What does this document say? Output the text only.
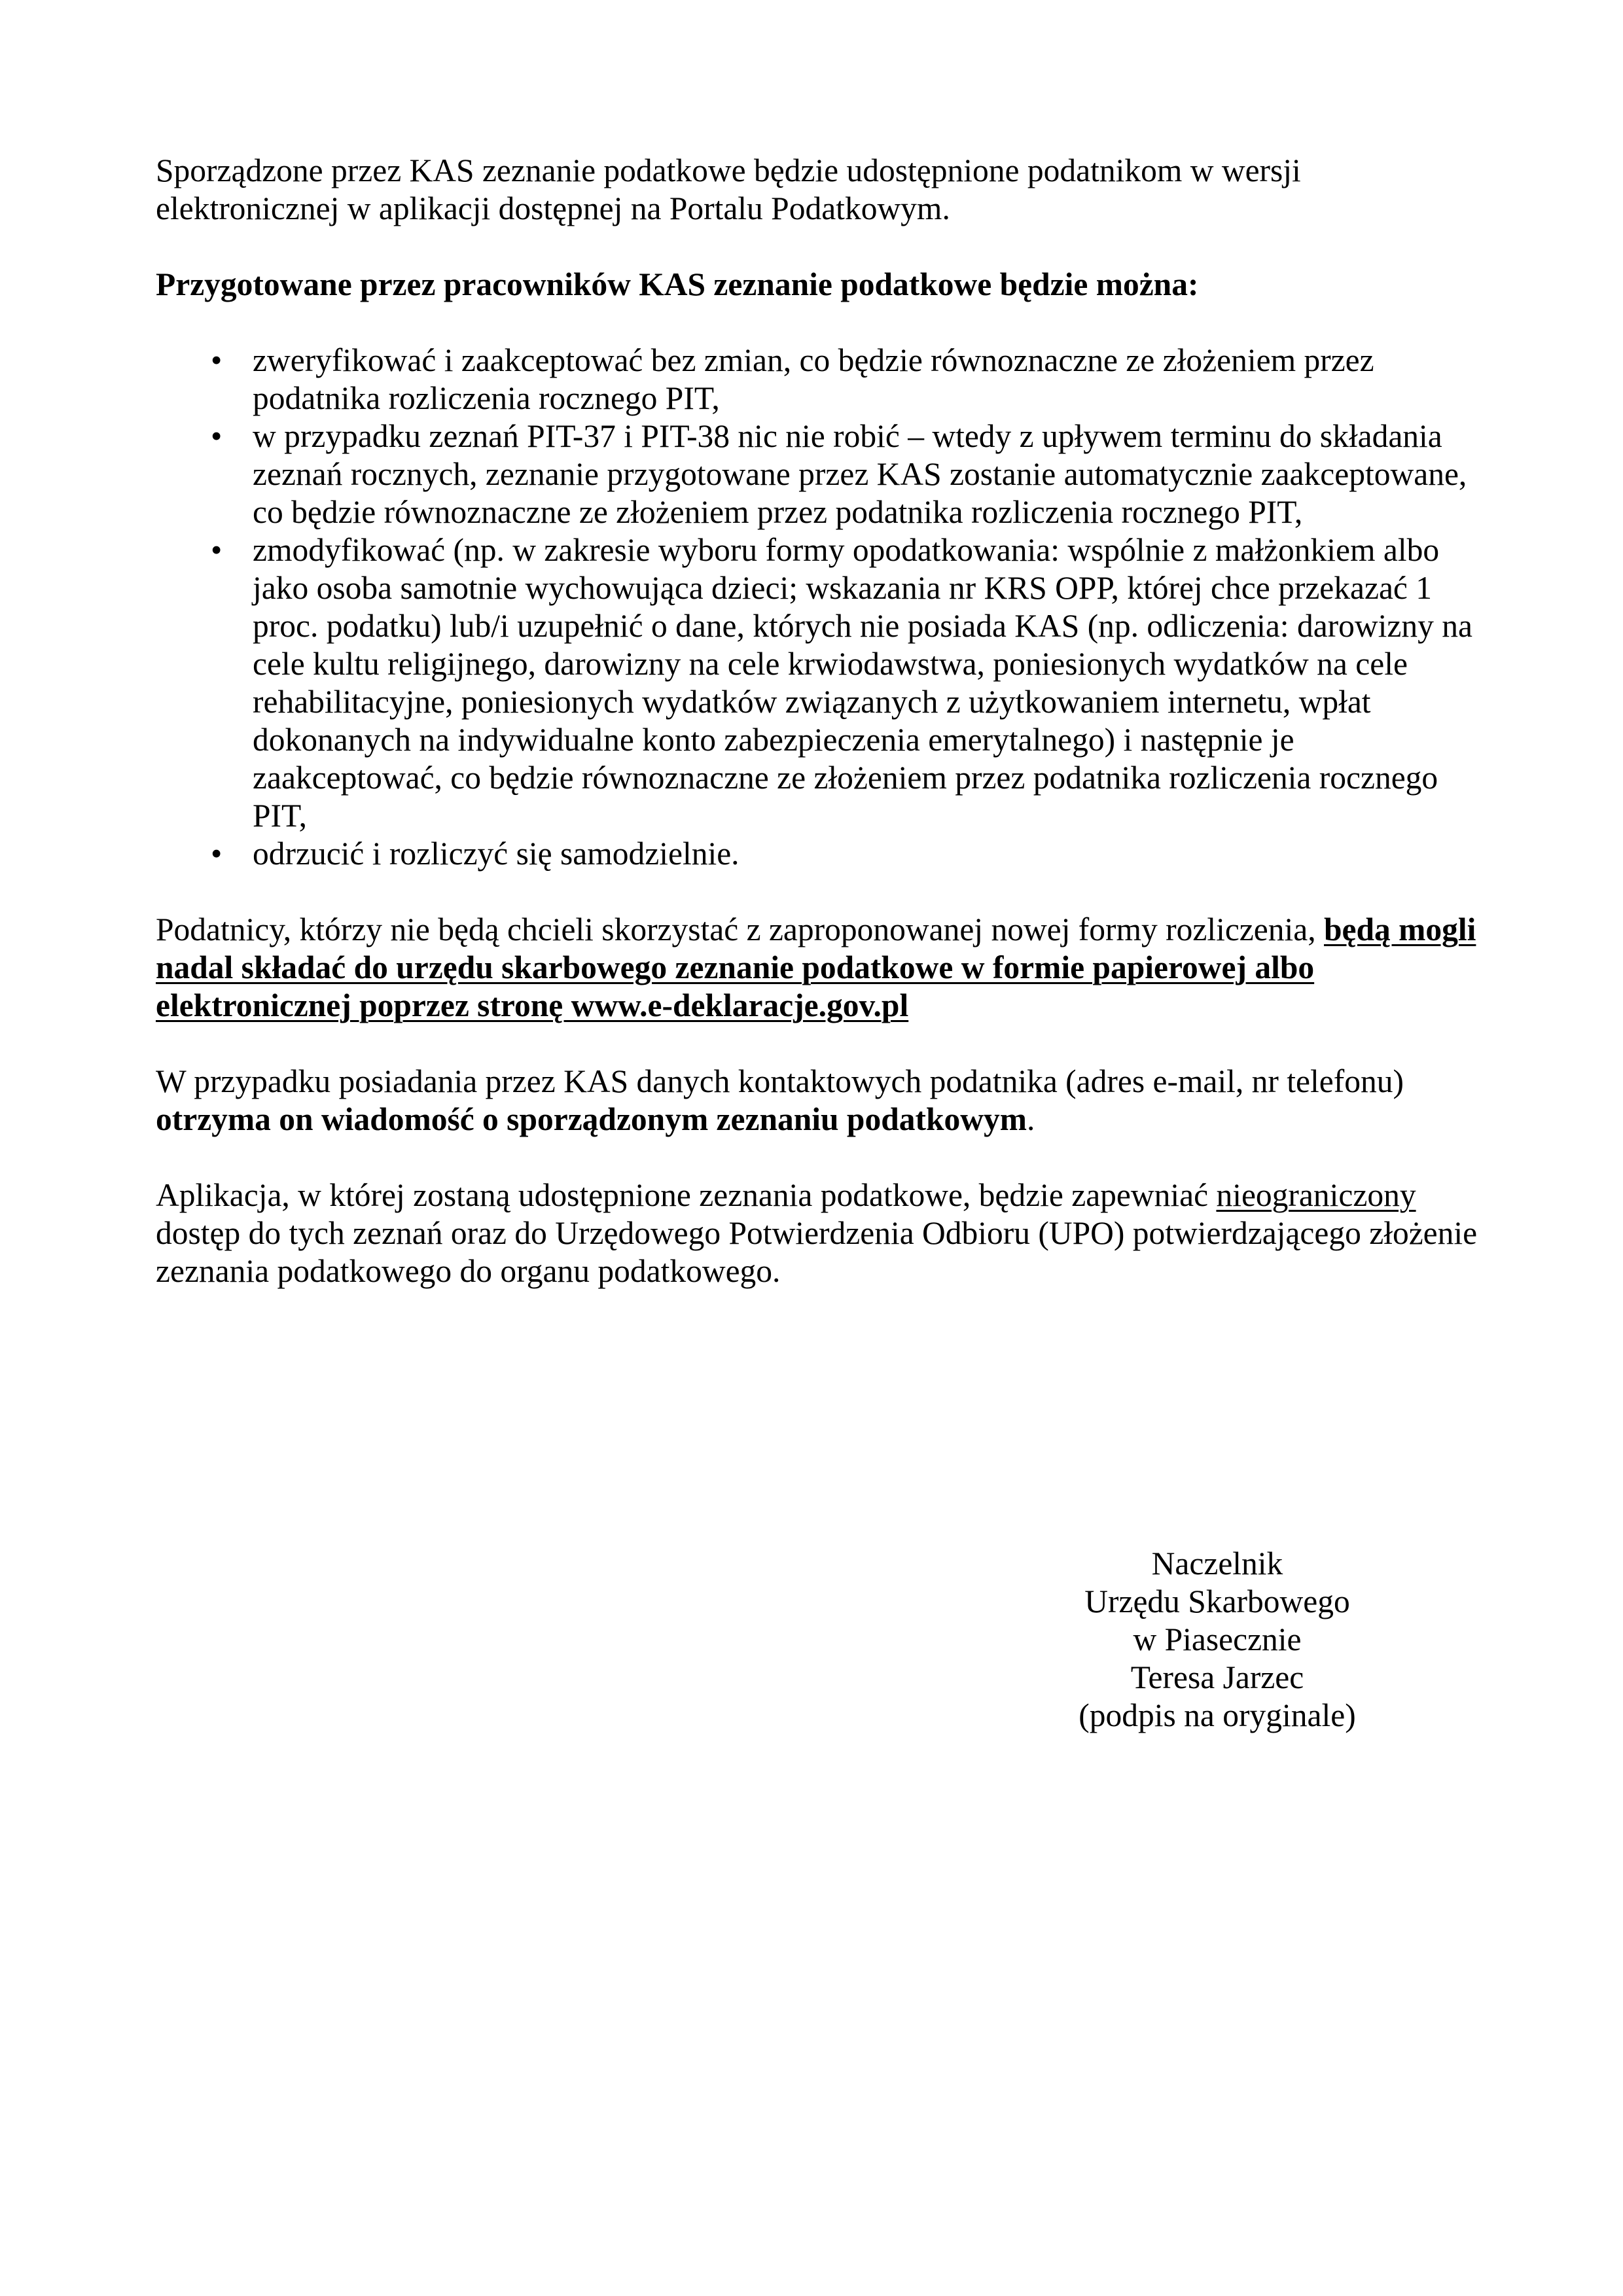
Sporządzone przez KAS zeznanie podatkowe będzie udostępnione podatnikom w wersji elektronicznej w aplikacji dostępnej na Portalu Podatkowym.

Przygotowane przez pracowników KAS zeznanie podatkowe będzie można:

• zweryfikować i zaakceptować bez zmian, co będzie równoznaczne ze złożeniem przez podatnika rozliczenia rocznego PIT,
• w przypadku zeznań PIT-37 i PIT-38 nic nie robić – wtedy z upływem terminu do składania zeznań rocznych, zeznanie przygotowane przez KAS zostanie automatycznie zaakceptowane, co będzie równoznaczne ze złożeniem przez podatnika rozliczenia rocznego PIT,
• zmodyfikować (np. w zakresie wyboru formy opodatkowania: wspólnie z małżonkiem albo jako osoba samotnie wychowująca dzieci; wskazania nr KRS OPP, której chce przekazać 1 proc. podatku) lub/i uzupełnić o dane, których nie posiada KAS (np. odliczenia: darowizny na cele kultu religijnego, darowizny na cele krwiodawstwa, poniesionych wydatków na cele rehabilitacyjne, poniesionych wydatków związanych z użytkowaniem internetu, wpłat dokonanych na indywidualne konto zabezpieczenia emerytalnego) i następnie je zaakceptować, co będzie równoznaczne ze złożeniem przez podatnika rozliczenia rocznego PIT,
• odrzucić i rozliczyć się samodzielnie.

Podatnicy, którzy nie będą chcieli skorzystać z zaproponowanej nowej formy rozliczenia, będą mogli nadal składać do urzędu skarbowego zeznanie podatkowe w formie papierowej albo elektronicznej poprzez stronę www.e-deklaracje.gov.pl

W przypadku posiadania przez KAS danych kontaktowych podatnika (adres e-mail, nr telefonu) otrzyma on wiadomość o sporządzonym zeznaniu podatkowym.

Aplikacja, w której zostaną udostępnione zeznania podatkowe, będzie zapewniać nieograniczony dostęp do tych zeznań oraz do Urzędowego Potwierdzenia Odbioru (UPO) potwierdzającego złożenie zeznania podatkowego do organu podatkowego.

Naczelnik
Urzędu Skarbowego
w Piasecznie
Teresa Jarzec
(podpis na oryginale)
